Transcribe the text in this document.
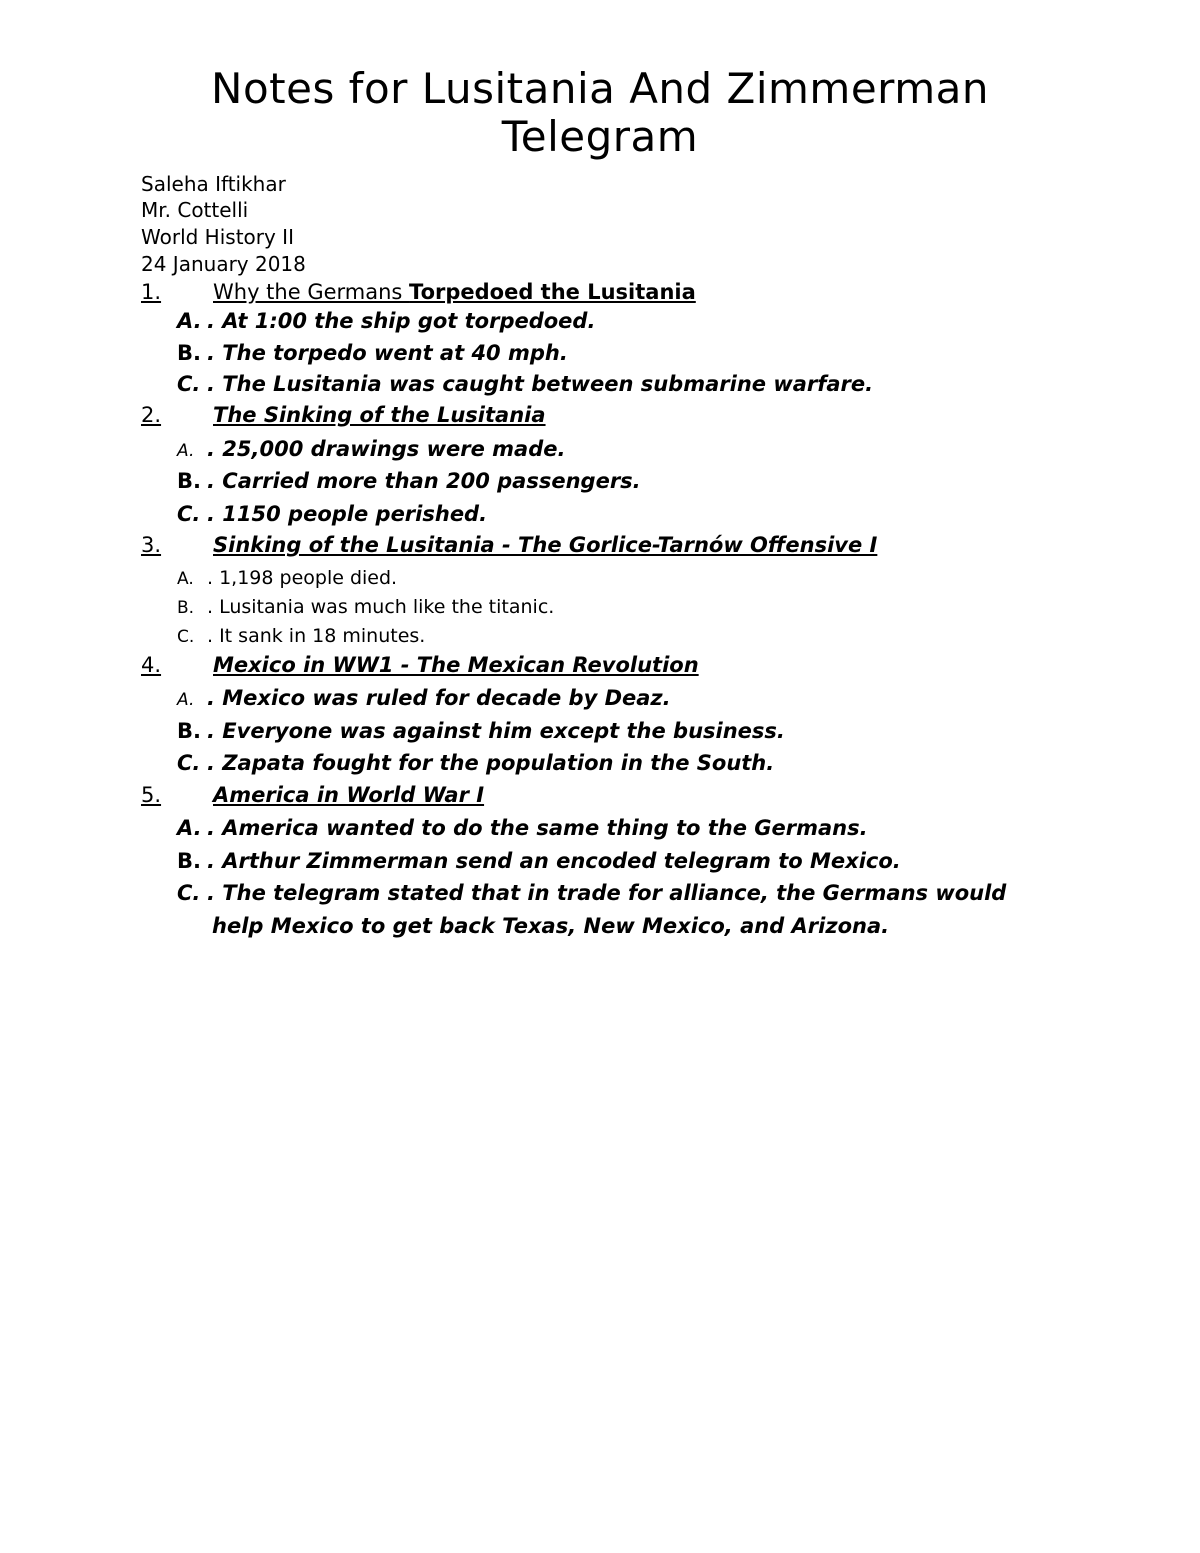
Notes for Lusitania And Zimmerman
Telegram
Saleha Iftikhar
Mr. Cottelli
World History II
24 January 2018
1. Why the Germans Torpedoed the Lusitania
A. . At 1:00 the ship got torpedoed.
B. . The torpedo went at 40 mph.
C. . The Lusitania was caught between submarine warfare.
2. The Sinking of the Lusitania
A. . 25,000 drawings were made.
B. . Carried more than 200 passengers.
C. . 1150 people perished.
3. Sinking of the Lusitania - The Gorlice-Tarnów Offensive I
A. . 1,198 people died.
B. . Lusitania was much like the titanic.
C. . It sank in 18 minutes.
4. Mexico in WW1 - The Mexican Revolution
A. . Mexico was ruled for decade by Deaz.
B. . Everyone was against him except the business.
C. . Zapata fought for the population in the South.
5. America in World War I
A. . America wanted to do the same thing to the Germans.
B. . Arthur Zimmerman send an encoded telegram to Mexico.
C. . The telegram stated that in trade for alliance, the Germans would
help Mexico to get back Texas, New Mexico, and Arizona.
